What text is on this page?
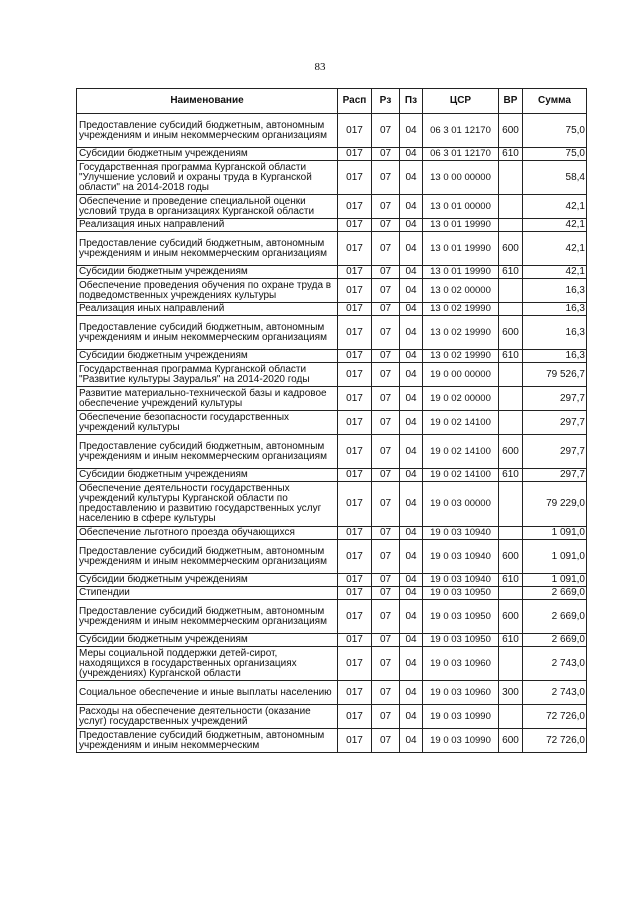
83
Наименование	Расп	Рз	Пз	ЦСР	ВР	Сумма
Предоставление субсидий бюджетным, автономным учреждениям и иным некоммерческим организациям	017	07	04	06 3 01 12170	600	75,0
Субсидии бюджетным учреждениям	017	07	04	06 3 01 12170	610	75,0
Государственная программа Курганской области "Улучшение условий и охраны труда в Курганской области" на 2014-2018 годы	017	07	04	13 0 00 00000		58,4
Обеспечение и проведение специальной оценки условий труда в организациях Курганской области	017	07	04	13 0 01 00000		42,1
Реализация иных направлений	017	07	04	13 0 01 19990		42,1
Предоставление субсидий бюджетным, автономным учреждениям и иным некоммерческим организациям	017	07	04	13 0 01 19990	600	42,1
Субсидии бюджетным учреждениям	017	07	04	13 0 01 19990	610	42,1
Обеспечение проведения обучения по охране труда в подведомственных учреждениях культуры	017	07	04	13 0 02 00000		16,3
Реализация иных направлений	017	07	04	13 0 02 19990		16,3
Предоставление субсидий бюджетным, автономным учреждениям и иным некоммерческим организациям	017	07	04	13 0 02 19990	600	16,3
Субсидии бюджетным учреждениям	017	07	04	13 0 02 19990	610	16,3
Государственная программа Курганской области "Развитие культуры Зауралья" на 2014-2020 годы	017	07	04	19 0 00 00000		79 526,7
Развитие материально-технической базы и кадровое обеспечение учреждений культуры	017	07	04	19 0 02 00000		297,7
Обеспечение безопасности государственных учреждений культуры	017	07	04	19 0 02 14100		297,7
Предоставление субсидий бюджетным, автономным учреждениям и иным некоммерческим организациям	017	07	04	19 0 02 14100	600	297,7
Субсидии бюджетным учреждениям	017	07	04	19 0 02 14100	610	297,7
Обеспечение деятельности государственных учреждений культуры Курганской области по предоставлению и развитию государственных услуг населению в сфере культуры	017	07	04	19 0 03 00000		79 229,0
Обеспечение льготного проезда обучающихся	017	07	04	19 0 03 10940		1 091,0
Предоставление субсидий бюджетным, автономным учреждениям и иным некоммерческим организациям	017	07	04	19 0 03 10940	600	1 091,0
Субсидии бюджетным учреждениям	017	07	04	19 0 03 10940	610	1 091,0
Стипендии	017	07	04	19 0 03 10950		2 669,0
Предоставление субсидий бюджетным, автономным учреждениям и иным некоммерческим организациям	017	07	04	19 0 03 10950	600	2 669,0
Субсидии бюджетным учреждениям	017	07	04	19 0 03 10950	610	2 669,0
Меры социальной поддержки детей-сирот, находящихся в государственных организациях (учреждениях) Курганской области	017	07	04	19 0 03 10960		2 743,0
Социальное обеспечение и иные выплаты населению	017	07	04	19 0 03 10960	300	2 743,0
Расходы на обеспечение деятельности (оказание услуг) государственных учреждений	017	07	04	19 0 03 10990		72 726,0
Предоставление субсидий бюджетным, автономным учреждениям и иным некоммерческим	017	07	04	19 0 03 10990	600	72 726,0
